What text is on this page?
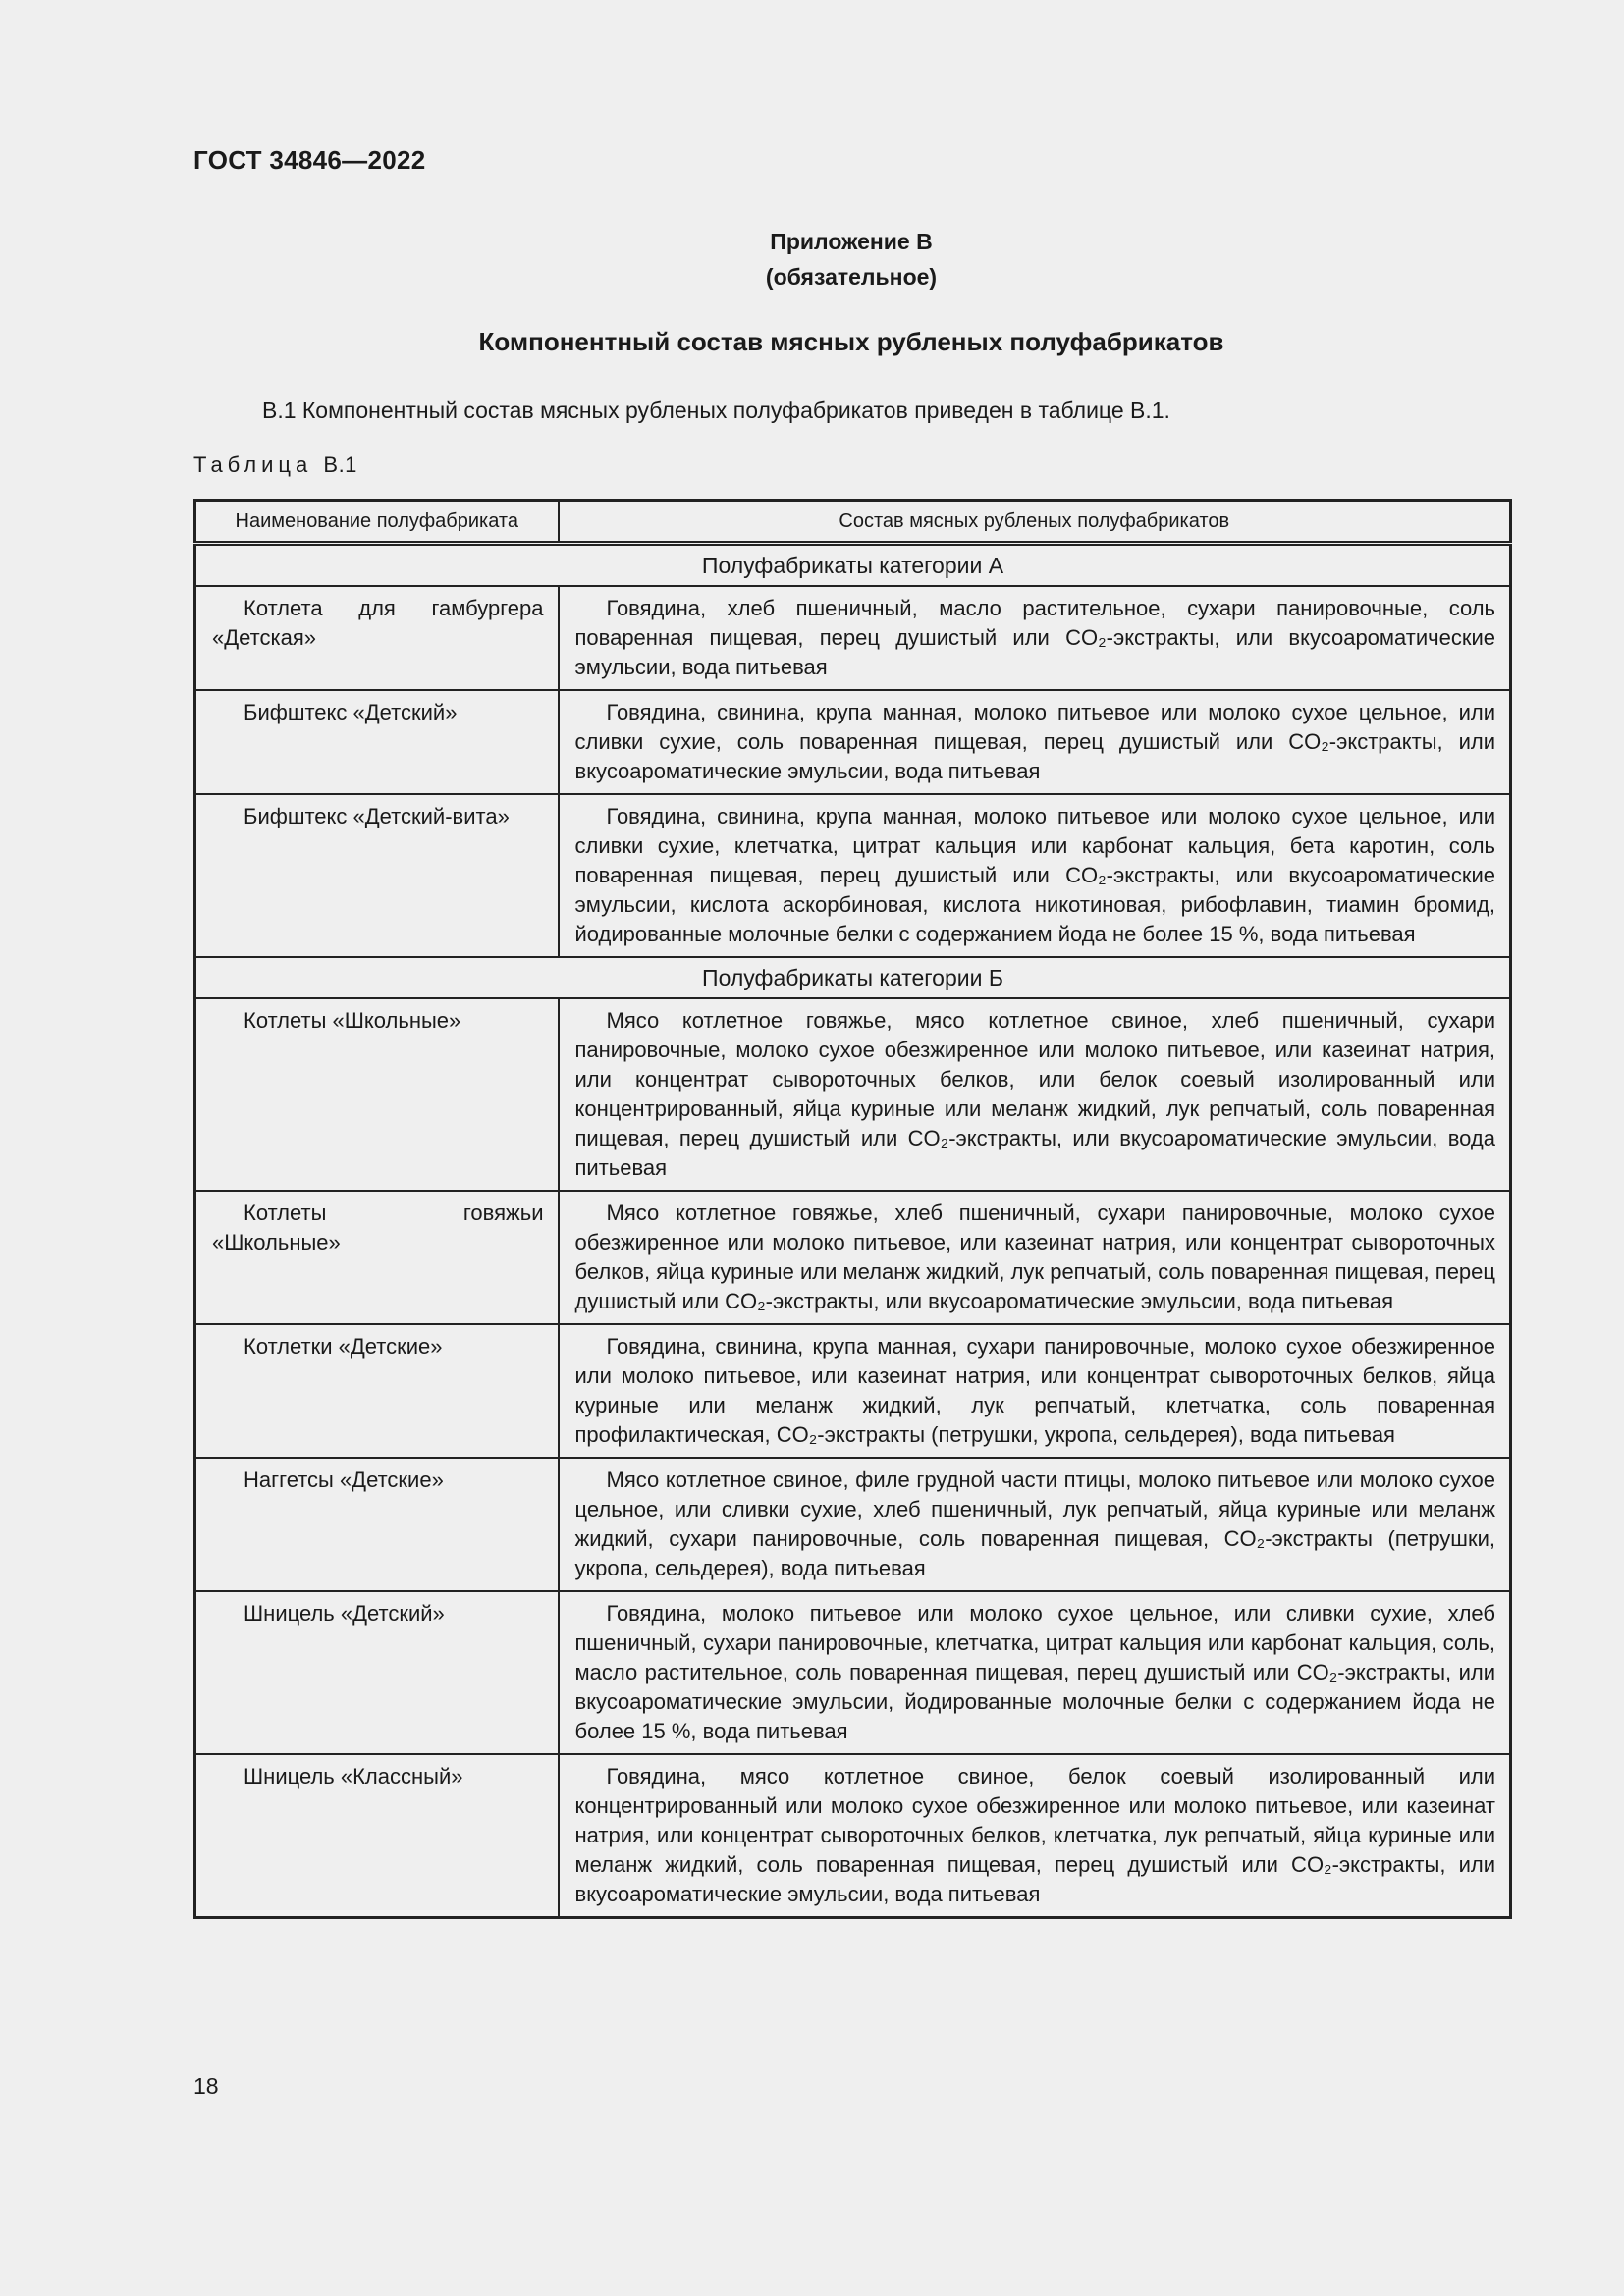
ГОСТ 34846—2022
Приложение В
(обязательное)
Компонентный состав мясных рубленых полуфабрикатов
В.1 Компонентный состав мясных рубленых полуфабрикатов приведен в таблице В.1.
Таблица В.1
Наименование полуфабриката	Состав мясных рубленых полуфабрикатов
Полуфабрикаты категории А	
Котлета для гамбургера «Детская»	Говядина, хлеб пшеничный, масло растительное, сухари панировочные, соль поваренная пищевая, перец душистый или CO₂-экстракты, или вкусоароматические эмульсии, вода питьевая
Бифштекс «Детский»	Говядина, свинина, крупа манная, молоко питьевое или молоко сухое цельное, или сливки сухие, соль поваренная пищевая, перец душистый или CO₂-экстракты, или вкусоароматические эмульсии, вода питьевая
Бифштекс «Детский-вита»	Говядина, свинина, крупа манная, молоко питьевое или молоко сухое цельное, или сливки сухие, клетчатка, цитрат кальция или карбонат кальция, бета каротин, соль поваренная пищевая, перец душистый или CO₂-экстракты, или вкусоароматические эмульсии, кислота аскорбиновая, кислота никотиновая, рибофлавин, тиамин бромид, йодированные молочные белки с содержанием йода не более 15 %, вода питьевая
Полуфабрикаты категории Б	
Котлеты «Школьные»	Мясо котлетное говяжье, мясо котлетное свиное, хлеб пшеничный, сухари панировочные, молоко сухое обезжиренное или молоко питьевое, или казеинат натрия, или концентрат сывороточных белков, или белок соевый изолированный или концентрированный, яйца куриные или меланж жидкий, лук репчатый, соль поваренная пищевая, перец душистый или CO₂-экстракты, или вкусоароматические эмульсии, вода питьевая
Котлеты говяжьи «Школьные»	Мясо котлетное говяжье, хлеб пшеничный, сухари панировочные, молоко сухое обезжиренное или молоко питьевое, или казеинат натрия, или концентрат сывороточных белков, яйца куриные или меланж жидкий, лук репчатый, соль поваренная пищевая, перец душистый или CO₂-экстракты, или вкусоароматические эмульсии, вода питьевая
Котлетки «Детские»	Говядина, свинина, крупа манная, сухари панировочные, молоко сухое обезжиренное или молоко питьевое, или казеинат натрия, или концентрат сывороточных белков, яйца куриные или меланж жидкий, лук репчатый, клетчатка, соль поваренная профилактическая, CO₂-экстракты (петрушки, укропа, сельдерея), вода питьевая
Наггетсы «Детские»	Мясо котлетное свиное, филе грудной части птицы, молоко питьевое или молоко сухое цельное, или сливки сухие, хлеб пшеничный, лук репчатый, яйца куриные или меланж жидкий, сухари панировочные, соль поваренная пищевая, CO₂-экстракты (петрушки, укропа, сельдерея), вода питьевая
Шницель «Детский»	Говядина, молоко питьевое или молоко сухое цельное, или сливки сухие, хлеб пшеничный, сухари панировочные, клетчатка, цитрат кальция или карбонат кальция, соль, масло растительное, соль поваренная пищевая, перец душистый или CO₂-экстракты, или вкусоароматические эмульсии, йодированные молочные белки с содержанием йода не более 15 %, вода питьевая
Шницель «Классный»	Говядина, мясо котлетное свиное, белок соевый изолированный или концентрированный или молоко сухое обезжиренное или молоко питьевое, или казеинат натрия, или концентрат сывороточных белков, клетчатка, лук репчатый, яйца куриные или меланж жидкий, соль поваренная пищевая, перец душистый или CO₂-экстракты, или вкусоароматические эмульсии, вода питьевая
18
